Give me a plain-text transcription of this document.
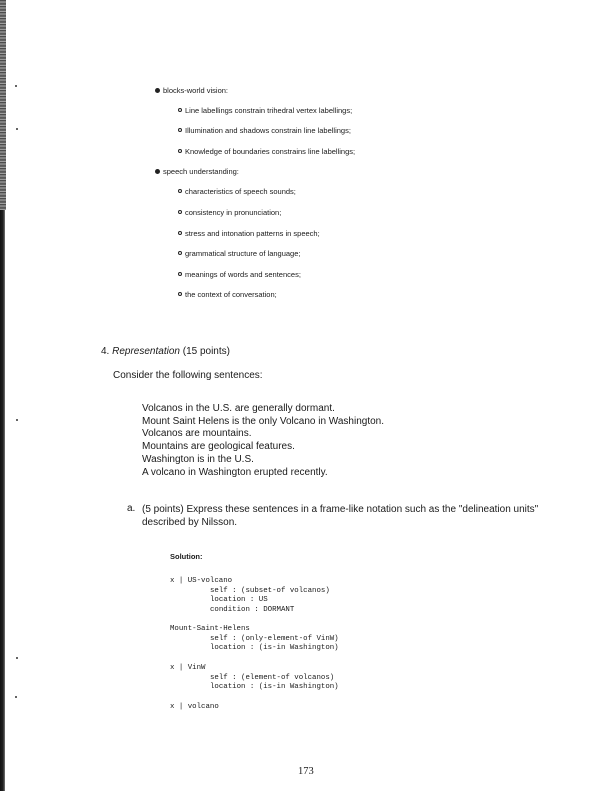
blocks-world vision:
Line labellings constrain trihedral vertex labellings;
Illumination and shadows constrain line labellings;
Knowledge of boundaries constrains line labellings;
speech understanding:
characteristics of speech sounds;
consistency in pronunciation;
stress and intonation patterns in speech;
grammatical structure of language;
meanings of words and sentences;
the context of conversation;
4. Representation (15 points)
Consider the following sentences:
Volcanos in the U.S. are generally dormant.
Mount Saint Helens is the only Volcano in Washington.
Volcanos are mountains.
Mountains are geological features.
Washington is in the U.S.
A volcano in Washington erupted recently.
a. (5 points) Express these sentences in a frame-like notation such as the "delineation units" described by Nilsson.
Solution:
x | US-volcano
self : (subset-of volcanos)
location : US
condition : DORMANT
Mount-Saint-Helens
self : (only-element-of VinW)
location : (is-in Washington)
x | VinW
self : (element-of volcanos)
location : (is-in Washington)
x | volcano
173
